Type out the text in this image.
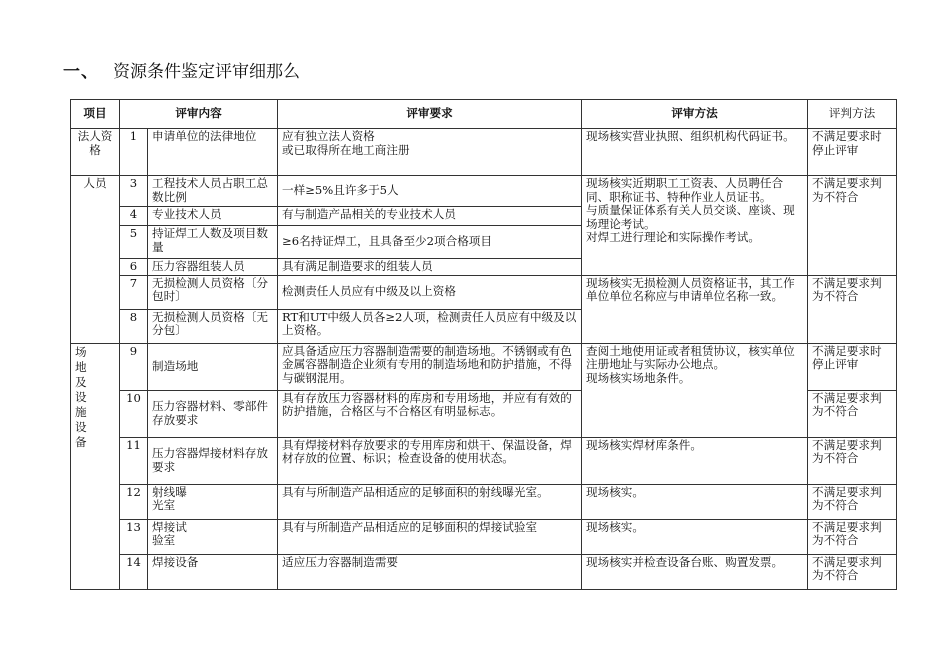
一、 资源条件鉴定评审细那么
项目	评审内容		评审要求	评审方法	评判方法
法人资格	1	申请单位的法律地位	应有独立法人资格
或已取得所在地工商注册	现场核实营业执照、组织机构代码证书。	不满足要求时停止评审
人员	3	工程技术人员占职工总数比例	一样≥5%且许多于5人	现场核实近期职工工资表、人员聘任合同、职称证书、特种作业人员证书。
与质量保证体系有关人员交谈、座谈、现场理论考试。
对焊工进行理论和实际操作考试。	不满足要求判为不符合
	4	专业技术人员	有与制造产品相关的专业技术人员		
	5	持证焊工人数及项目数量	≥6名持证焊工，且具备至少2项合格项目		
	6	压力容器组装人员	具有满足制造要求的组装人员		
	7	无损检测人员资格〔分包时〕	检测责任人员应有中级及以上资格	现场核实无损检测人员资格证书，其工作单位单位名称应与申请单位名称一致。	不满足要求判为不符合
	8	无损检测人员资格〔无分包〕	RT和UT中级人员各≥2人项，检测责任人员应有中级及以上资格。		

场地及设施设备	9	制造场地	应具备适应压力容器制造需要的制造场地。不锈钢或有色金属容器制造企业须有专用的制造场地和防护措施，不得与碳钢混用。	查阅土地使用证或者租赁协议，核实单位注册地址与实际办公地点。
现场核实场地条件。	不满足要求时停止评审
	10	压力容器材料、零部件存放要求	具有存放压力容器材料的库房和专用场地，并应有有效的防护措施，合格区与不合格区有明显标志。		不满足要求判为不符合
	11	压力容器焊接材料存放要求	具有焊接材料存放要求的专用库房和烘干、保温设备，焊材存放的位置、标识；检查设备的使用状态。	现场核实焊材库条件。	不满足要求判为不符合
	12	射线曝
光室	具有与所制造产品相适应的足够面积的射线曝光室。	现场核实。	不满足要求判为不符合
	13	焊接试
验室	具有与所制造产品相适应的足够面积的焊接试验室	现场核实。	不满足要求判为不符合
	14	焊接设备	适应压力容器制造需要	现场核实并检查设备台账、购置发票。	不满足要求判为不符合
